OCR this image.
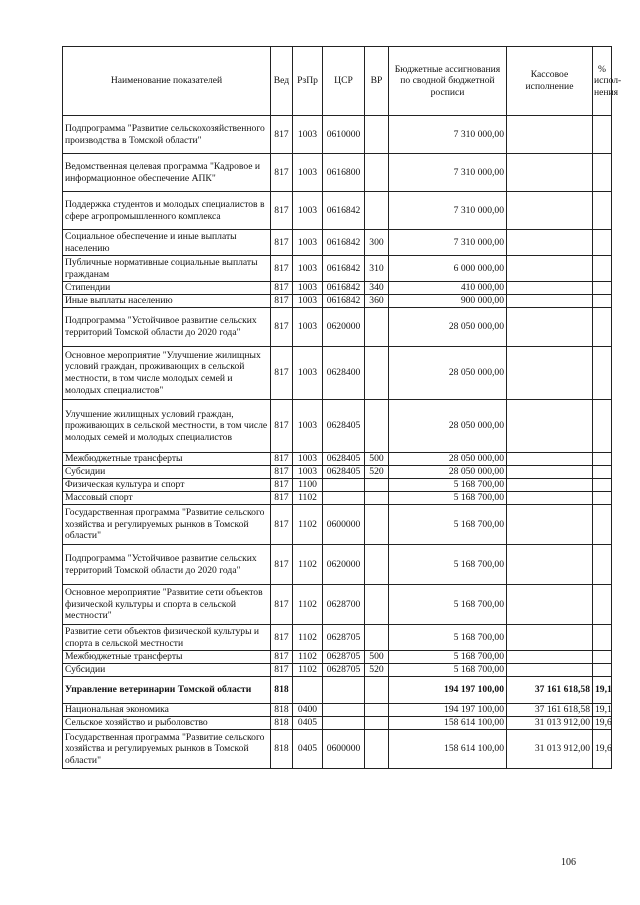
Наименование показателей	Вед	РзПр	ЦСР	ВР	Бюджетные ассигнования по сводной бюджетной росписи	Кассовое исполнение	% испол-нения
Подпрограмма "Развитие сельскохозяйственного производства в Томской области"	817	1003	0610000		7 310 000,00		
Ведомственная целевая программа "Кадровое и информационное обеспечение АПК"	817	1003	0616800		7 310 000,00		
Поддержка студентов и молодых специалистов в сфере агропромышленного комплекса	817	1003	0616842		7 310 000,00		
Социальное обеспечение и иные выплаты населению	817	1003	0616842	300	7 310 000,00		
Публичные нормативные социальные выплаты гражданам	817	1003	0616842	310	6 000 000,00		
Стипендии	817	1003	0616842	340	410 000,00		
Иные выплаты населению	817	1003	0616842	360	900 000,00		
Подпрограмма "Устойчивое развитие сельских территорий Томской области до 2020 года"	817	1003	0620000		28 050 000,00		
Основное мероприятие "Улучшение жилищных условий граждан, проживающих в сельской местности, в том числе молодых семей и молодых специалистов"	817	1003	0628400		28 050 000,00		
Улучшение жилищных условий граждан, проживающих в сельской местности, в том числе молодых семей и молодых специалистов	817	1003	0628405		28 050 000,00		
Межбюджетные трансферты	817	1003	0628405	500	28 050 000,00		
Субсидии	817	1003	0628405	520	28 050 000,00		
Физическая культура и спорт	817	1100			5 168 700,00		
Массовый спорт	817	1102			5 168 700,00		
Государственная программа "Развитие сельского хозяйства и регулируемых рынков в Томской области"	817	1102	0600000		5 168 700,00		
Подпрограмма "Устойчивое развитие сельских территорий Томской области до 2020 года"	817	1102	0620000		5 168 700,00		
Основное мероприятие "Развитие сети объектов физической культуры и спорта в сельской местности"	817	1102	0628700		5 168 700,00		
Развитие сети объектов физической культуры и спорта в сельской местности	817	1102	0628705		5 168 700,00		
Межбюджетные трансферты	817	1102	0628705	500	5 168 700,00		
Субсидии	817	1102	0628705	520	5 168 700,00		
Управление ветеринарии Томской области	818				194 197 100,00	37 161 618,58	19,1
Национальная экономика	818	0400			194 197 100,00	37 161 618,58	19,1
Сельское хозяйство и рыболовство	818	0405			158 614 100,00	31 013 912,00	19,6
Государственная программа "Развитие сельского хозяйства и регулируемых рынков в Томской области"	818	0405	0600000		158 614 100,00	31 013 912,00	19,6
106
